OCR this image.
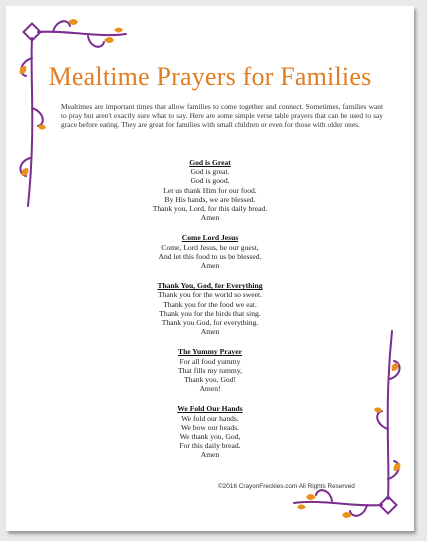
Mealtime Prayers for Families
Mealtimes are important times that allow families to come together and connect. Sometimes, families want to pray but aren't exactly sure what to say. Here are some simple verse table prayers that can be used to say grace before eating. They are great for families with small children or even for those with older ones.
God is Great
God is great.
God is good.
Let us thank Him for our food.
By His hands, we are blessed.
Thank you, Lord, for this daily bread.
Amen
Come Lord Jesus
Come, Lord Jesus, be our guest,
And let this food to us be blessed.
Amen
Thank You, God, for Everything
Thank you for the world so sweet.
Thank you for the food we eat.
Thank you for the birds that sing.
Thank you God, for everything.
Amen
The Yummy Prayer
For all food yummy
That fills my tummy,
Thank you, God!
Amen!
We Fold Our Hands
We fold our hands.
We bow our heads.
We thank you, God,
For this daily bread.
Amen
©2016 CrayonFreckles.com All Rights Reserved
